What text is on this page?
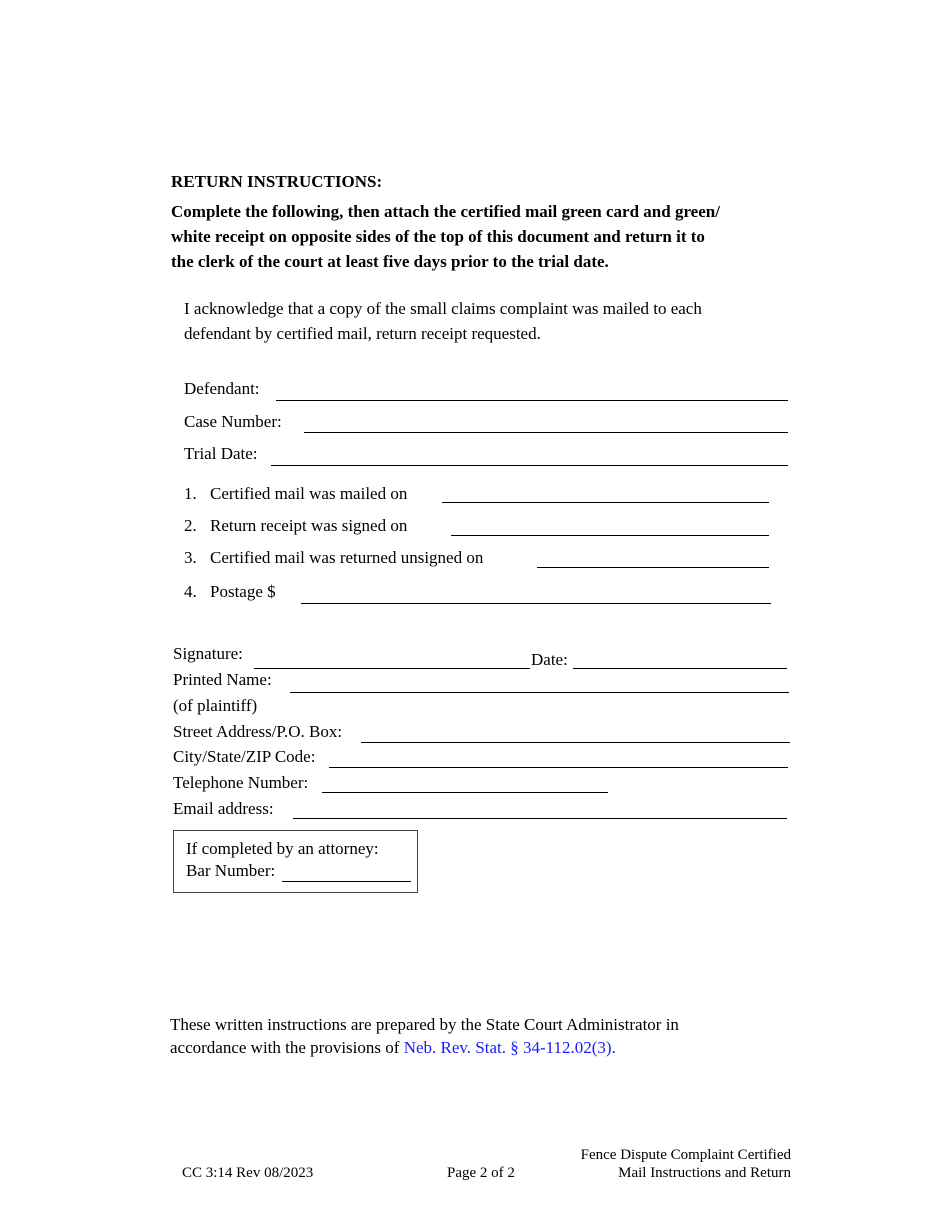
RETURN INSTRUCTIONS:
Complete the following, then attach the certified mail green card and green/
white receipt on opposite sides of the top of this document and return it to
the clerk of the court at least five days prior to the trial date.
I acknowledge that a copy of the small claims complaint was mailed to each
defendant by certified mail, return receipt requested.
Defendant:
Case Number:
Trial Date:
1. Certified mail was mailed on
2. Return receipt was signed on
3. Certified mail was returned unsigned on
4. Postage $
Signature:	Date:
Printed Name:
(of plaintiff)
Street Address/P.O. Box:
City/State/ZIP Code:
Telephone Number:
Email address:
If completed by an attorney:
Bar Number:
These written instructions are prepared by the State Court Administrator in
accordance with the provisions of Neb. Rev. Stat. § 34-112.02(3).
CC 3:14 Rev 08/2023	Page 2 of 2
Fence Dispute Complaint Certified
Mail Instructions and Return
